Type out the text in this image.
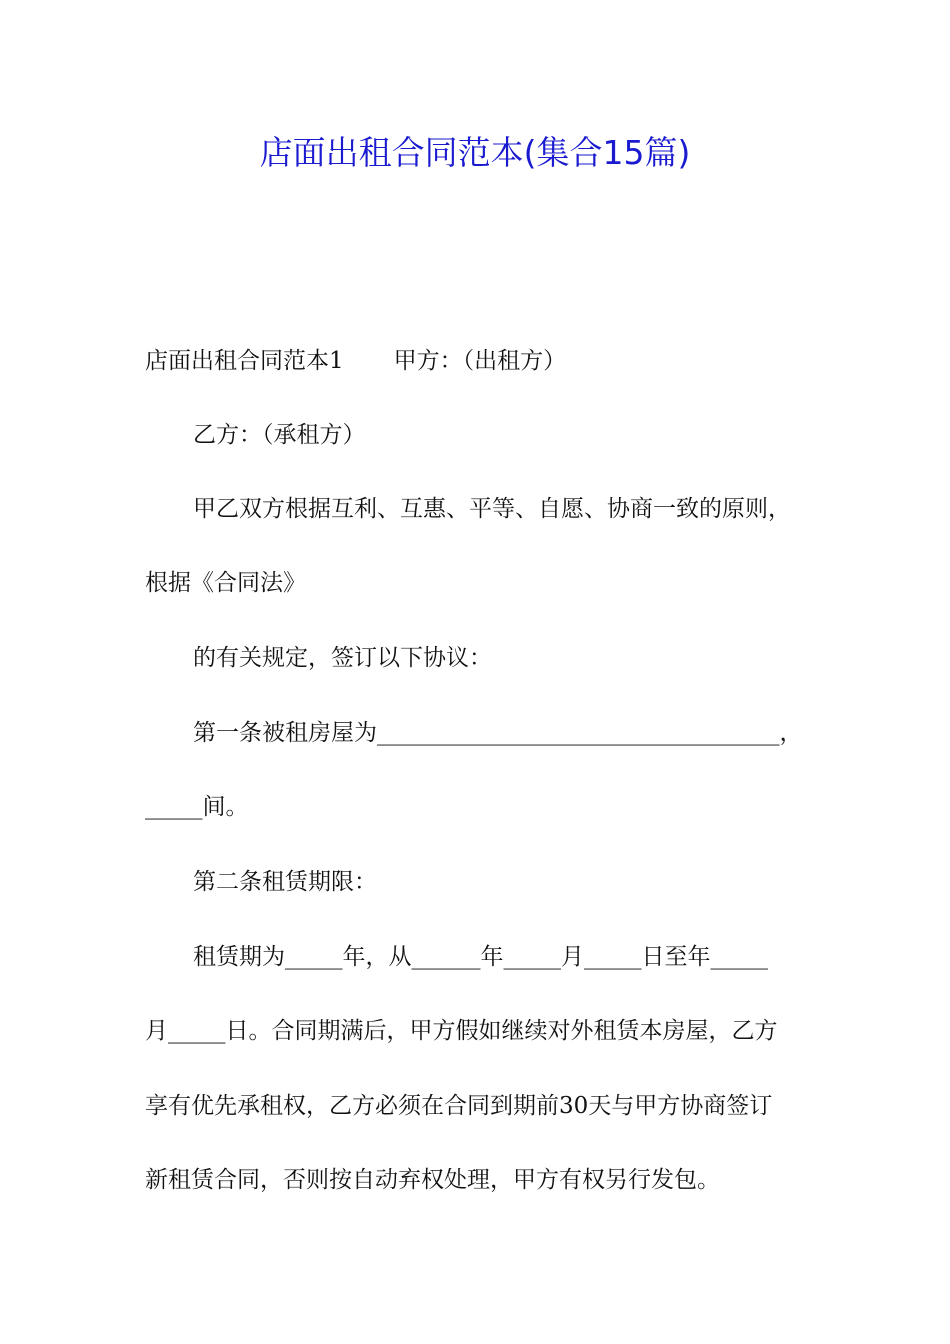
店面出租合同范本(集合15篇)
店面出租合同范本1 甲方：（出租方）
乙方：（承租方）
甲乙双方根据互利、互惠、平等、自愿、协商一致的原则，
根据《合同法》
的有关规定，签订以下协议：
第一条被租房屋为___________________________________，
_____间。
第二条租赁期限：
租赁期为_____年，从______年_____月_____日至年_____
月_____日。合同期满后，甲方假如继续对外租赁本房屋，乙方
享有优先承租权，乙方必须在合同到期前30天与甲方协商签订
新租赁合同，否则按自动弃权处理，甲方有权另行发包。
